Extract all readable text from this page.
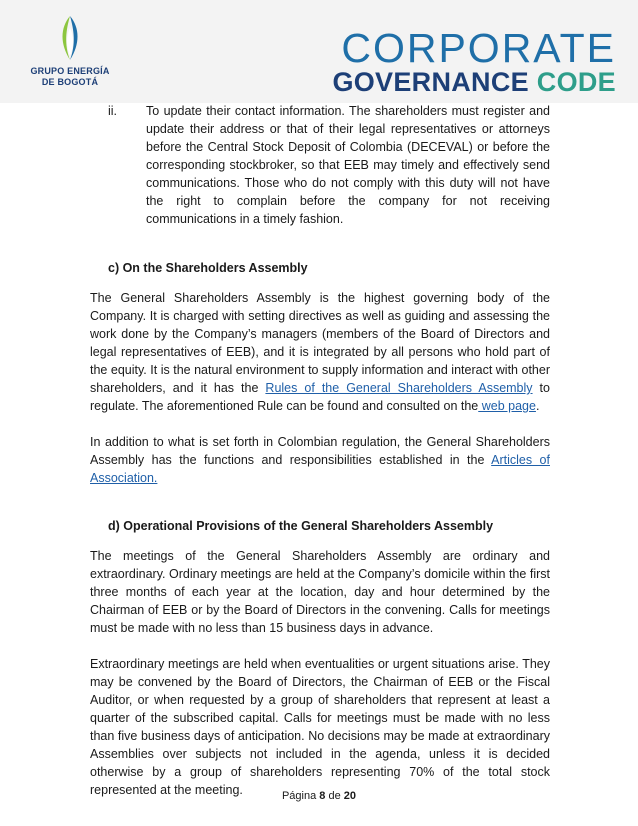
GRUPO ENERGÍA
DE BOGOTÁ
CORPORATE
GOVERNANCE CODE

ii. To update their contact information. The shareholders must register and update their address or that of their legal representatives or attorneys before the Central Stock Deposit of Colombia (DECEVAL) or before the corresponding stockbroker, so that EEB may timely and effectively send communications. Those who do not comply with this duty will not have the right to complain before the company for not receiving communications in a timely fashion.

c) On the Shareholders Assembly

The General Shareholders Assembly is the highest governing body of the Company. It is charged with setting directives as well as guiding and assessing the work done by the Company’s managers (members of the Board of Directors and legal representatives of EEB), and it is integrated by all persons who hold part of the equity. It is the natural environment to supply information and interact with other shareholders, and it has the Rules of the General Shareholders Assembly to regulate. The aforementioned Rule can be found and consulted on the web page.

In addition to what is set forth in Colombian regulation, the General Shareholders Assembly has the functions and responsibilities established in the Articles of Association.

d) Operational Provisions of the General Shareholders Assembly

The meetings of the General Shareholders Assembly are ordinary and extraordinary. Ordinary meetings are held at the Company’s domicile within the first three months of each year at the location, day and hour determined by the Chairman of EEB or by the Board of Directors in the convening. Calls for meetings must be made with no less than 15 business days in advance.

Extraordinary meetings are held when eventualities or urgent situations arise. They may be convened by the Board of Directors, the Chairman of EEB or the Fiscal Auditor, or when requested by a group of shareholders that represent at least a quarter of the subscribed capital. Calls for meetings must be made with no less than five business days of anticipation. No decisions may be made at extraordinary Assemblies over subjects not included in the agenda, unless it is decided otherwise by a group of shareholders representing 70% of the total stock represented at the meeting.	Página 8 de 20
